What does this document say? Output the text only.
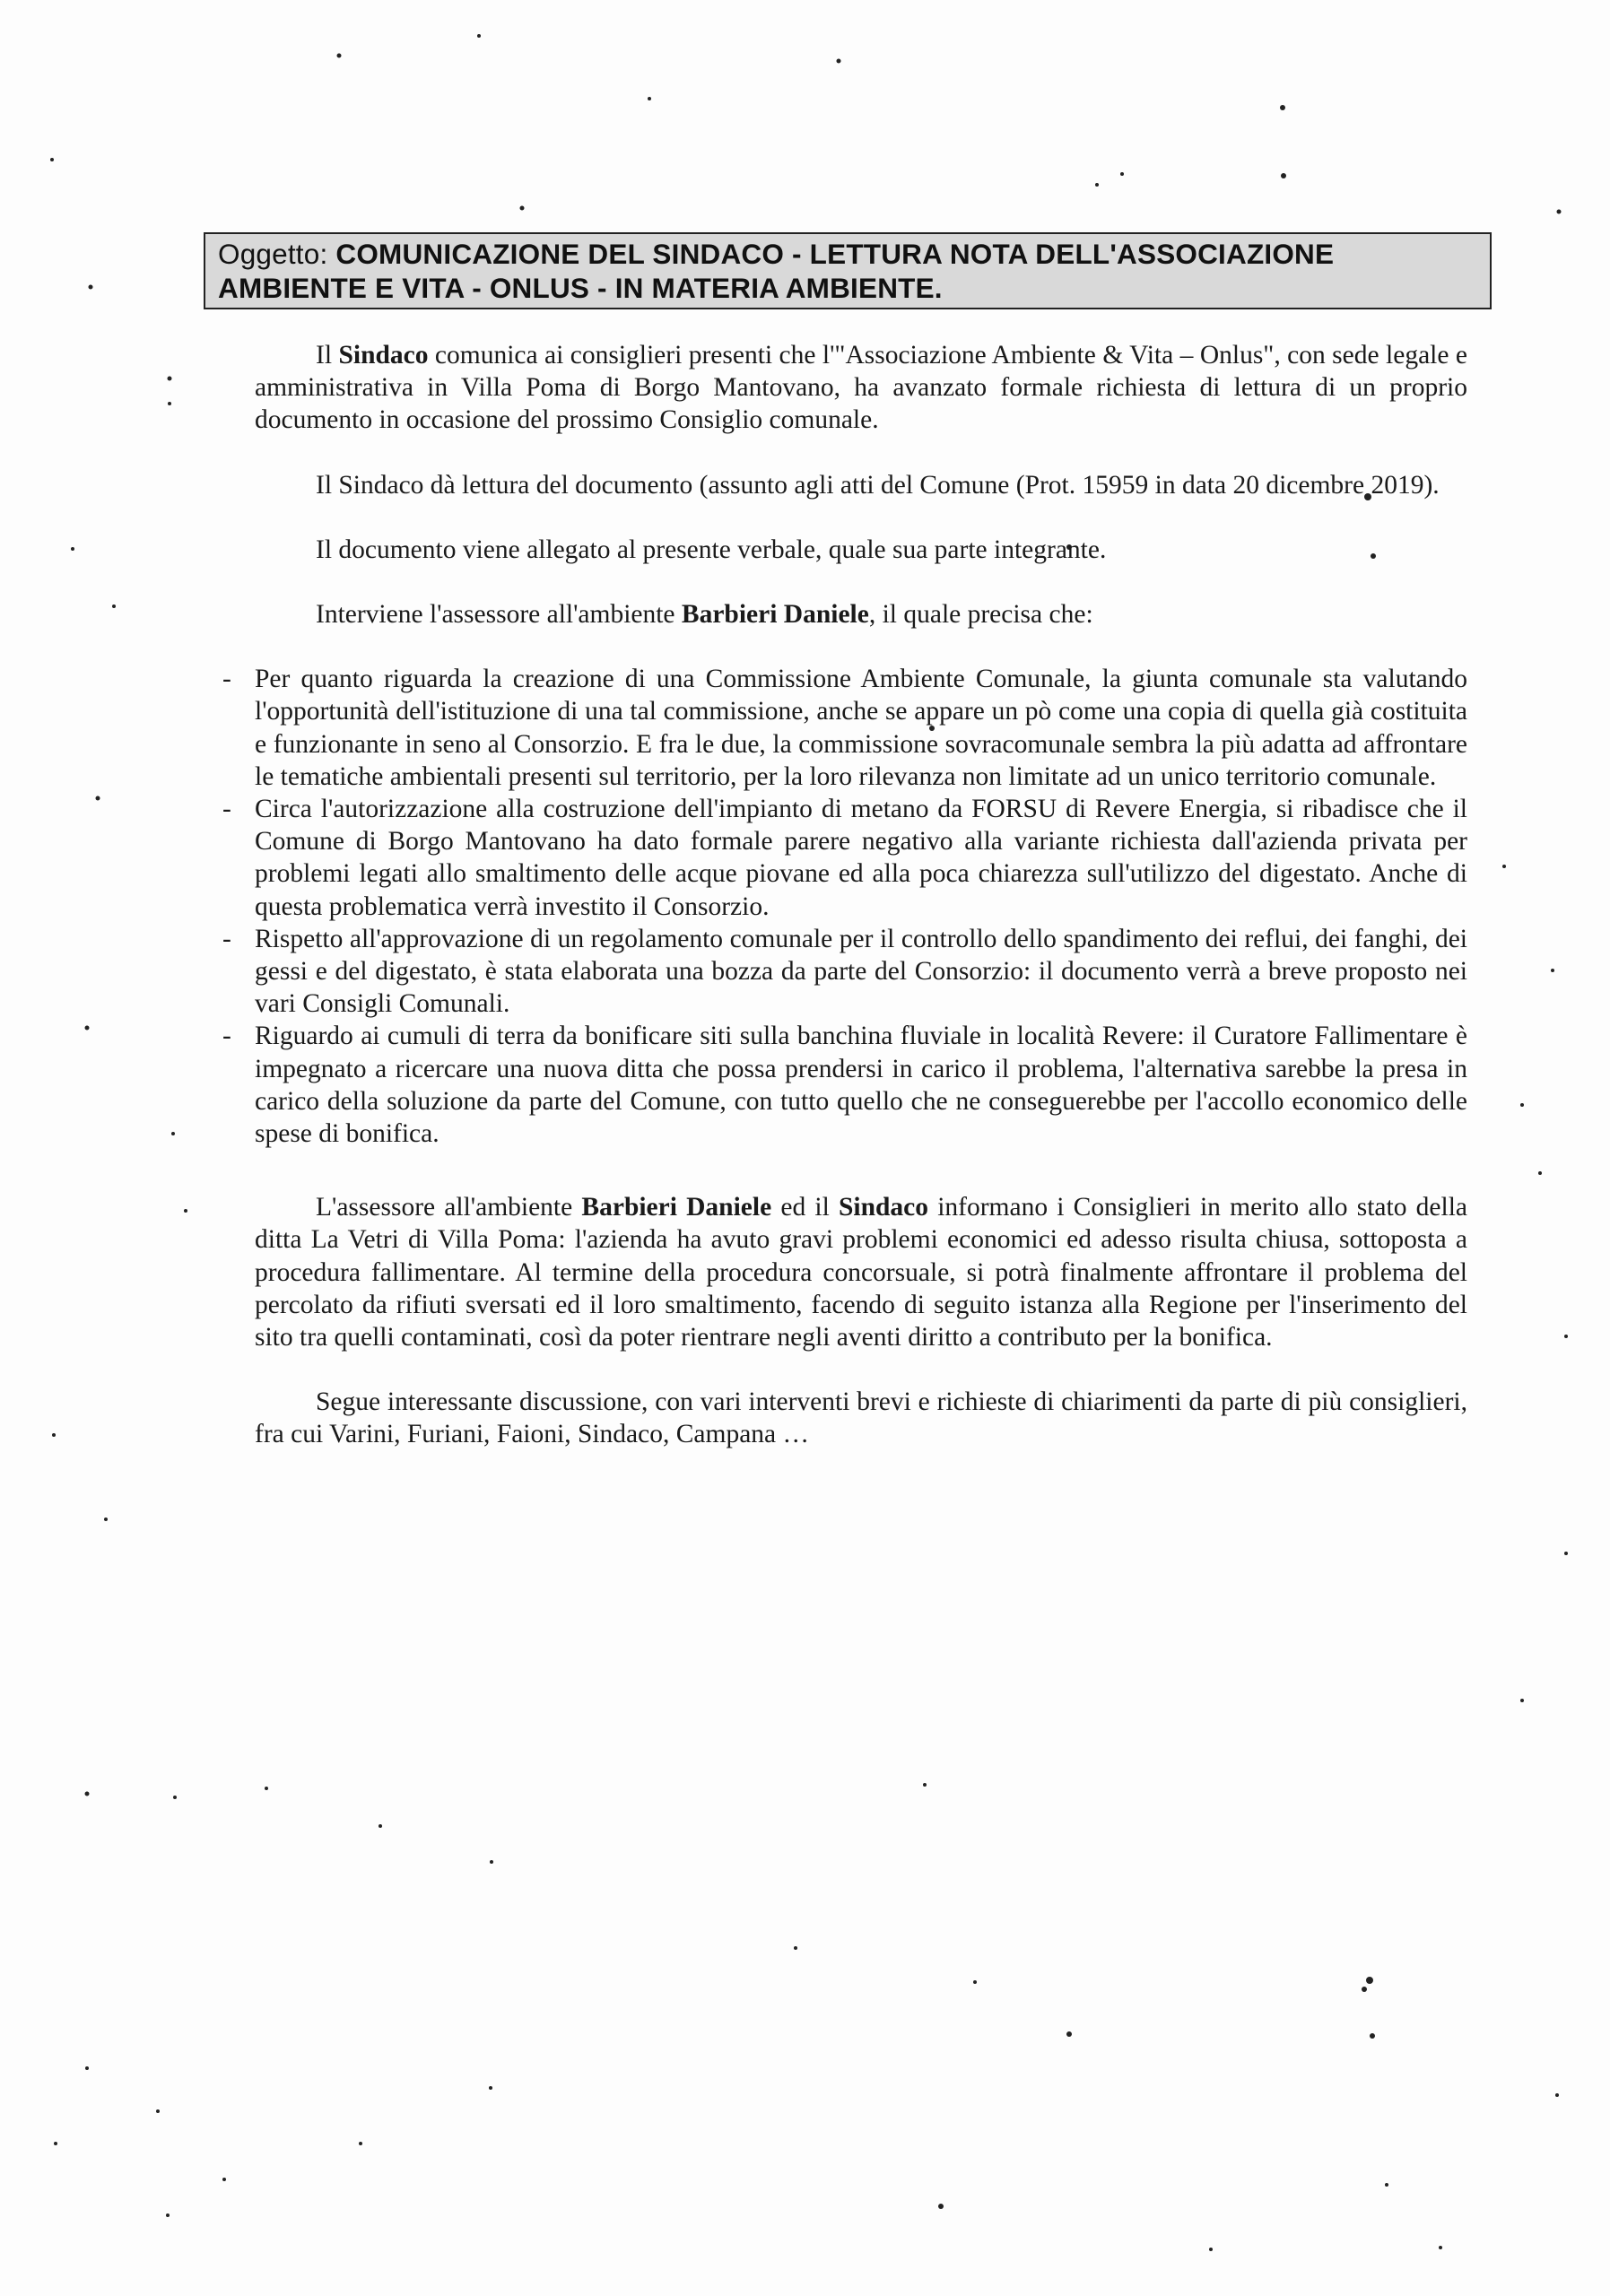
Oggetto: COMUNICAZIONE DEL SINDACO - LETTURA NOTA DELL'ASSOCIAZIONE
AMBIENTE E VITA - ONLUS - IN MATERIA AMBIENTE.

Il Sindaco comunica ai consiglieri presenti che l'"Associazione Ambiente & Vita – Onlus", con sede legale e amministrativa in Villa Poma di Borgo Mantovano, ha avanzato formale richiesta di lettura di un proprio documento in occasione del prossimo Consiglio comunale.

Il Sindaco dà lettura del documento (assunto agli atti del Comune (Prot. 15959 in data 20 dicembre 2019).

Il documento viene allegato al presente verbale, quale sua parte integrante.

Interviene l'assessore all'ambiente Barbieri Daniele, il quale precisa che:

- Per quanto riguarda la creazione di una Commissione Ambiente Comunale, la giunta comunale sta valutando l'opportunità dell'istituzione di una tal commissione, anche se appare un pò come una copia di quella già costituita e funzionante in seno al Consorzio. E fra le due, la commissione sovracomunale sembra la più adatta ad affrontare le tematiche ambientali presenti sul territorio, per la loro rilevanza non limitate ad un unico territorio comunale.
- Circa l'autorizzazione alla costruzione dell'impianto di metano da FORSU di Revere Energia, si ribadisce che il Comune di Borgo Mantovano ha dato formale parere negativo alla variante richiesta dall'azienda privata per problemi legati allo smaltimento delle acque piovane ed alla poca chiarezza sull'utilizzo del digestato. Anche di questa problematica verrà investito il Consorzio.
- Rispetto all'approvazione di un regolamento comunale per il controllo dello spandimento dei reflui, dei fanghi, dei gessi e del digestato, è stata elaborata una bozza da parte del Consorzio: il documento verrà a breve proposto nei vari Consigli Comunali.
- Riguardo ai cumuli di terra da bonificare siti sulla banchina fluviale in località Revere: il Curatore Fallimentare è impegnato a ricercare una nuova ditta che possa prendersi in carico il problema, l'alternativa sarebbe la presa in carico della soluzione da parte del Comune, con tutto quello che ne conseguerebbe per l'accollo economico delle spese di bonifica.

L'assessore all'ambiente Barbieri Daniele ed il Sindaco informano i Consiglieri in merito allo stato della ditta La Vetri di Villa Poma: l'azienda ha avuto gravi problemi economici ed adesso risulta chiusa, sottoposta a procedura fallimentare. Al termine della procedura concorsuale, si potrà finalmente affrontare il problema del percolato da rifiuti sversati ed il loro smaltimento, facendo di seguito istanza alla Regione per l'inserimento del sito tra quelli contaminati, così da poter rientrare negli aventi diritto a contributo per la bonifica.

Segue interessante discussione, con vari interventi brevi e richieste di chiarimenti da parte di più consiglieri, fra cui Varini, Furiani, Faioni, Sindaco, Campana …
